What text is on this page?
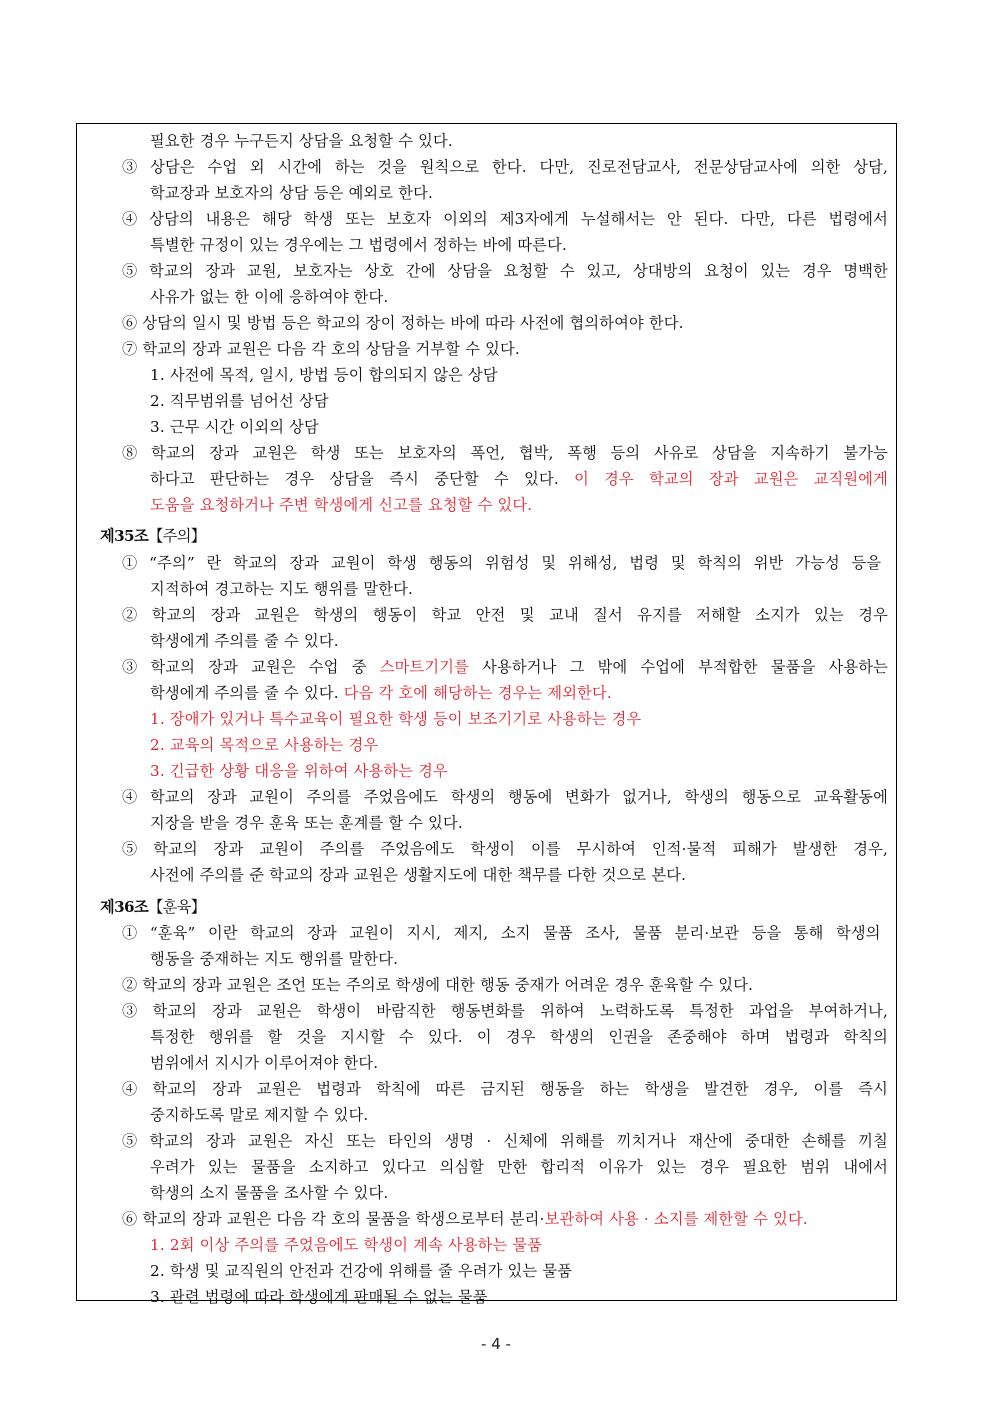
필요한 경우 누구든지 상담을 요청할 수 있다.
③ 상담은 수업 외 시간에 하는 것을 원칙으로 한다. 다만, 진로전담교사, 전문상담교사에 의한 상담,
학교장과 보호자의 상담 등은 예외로 한다.
④ 상담의 내용은 해당 학생 또는 보호자 이외의 제3자에게 누설해서는 안 된다. 다만, 다른 법령에서
특별한 규정이 있는 경우에는 그 법령에서 정하는 바에 따른다.
⑤ 학교의 장과 교원, 보호자는 상호 간에 상담을 요청할 수 있고, 상대방의 요청이 있는 경우 명백한
사유가 없는 한 이에 응하여야 한다.
⑥ 상담의 일시 및 방법 등은 학교의 장이 정하는 바에 따라 사전에 협의하여야 한다.
⑦ 학교의 장과 교원은 다음 각 호의 상담을 거부할 수 있다.
1. 사전에 목적, 일시, 방법 등이 합의되지 않은 상담
2. 직무범위를 넘어선 상담
3. 근무 시간 이외의 상담
⑧ 학교의 장과 교원은 학생 또는 보호자의 폭언, 협박, 폭행 등의 사유로 상담을 지속하기 불가능
하다고 판단하는 경우 상담을 즉시 중단할 수 있다. 이 경우 학교의 장과 교원은 교직원에게
도움을 요청하거나 주변 학생에게 신고를 요청할 수 있다.
제35조【주의】
① “주의” 란 학교의 장과 교원이 학생 행동의 위험성 및 위해성, 법령 및 학칙의 위반 가능성 등을
지적하여 경고하는 지도 행위를 말한다.
② 학교의 장과 교원은 학생의 행동이 학교 안전 및 교내 질서 유지를 저해할 소지가 있는 경우
학생에게 주의를 줄 수 있다.
③ 학교의 장과 교원은 수업 중 스마트기기를 사용하거나 그 밖에 수업에 부적합한 물품을 사용하는
학생에게 주의를 줄 수 있다. 다음 각 호에 해당하는 경우는 제외한다.
1. 장애가 있거나 특수교육이 필요한 학생 등이 보조기기로 사용하는 경우
2. 교육의 목적으로 사용하는 경우
3. 긴급한 상황 대응을 위하여 사용하는 경우
④ 학교의 장과 교원이 주의를 주었음에도 학생의 행동에 변화가 없거나, 학생의 행동으로 교육활동에
지장을 받을 경우 훈육 또는 훈계를 할 수 있다.
⑤ 학교의 장과 교원이 주의를 주었음에도 학생이 이를 무시하여 인적·물적 피해가 발생한 경우,
사전에 주의를 준 학교의 장과 교원은 생활지도에 대한 책무를 다한 것으로 본다.
제36조【훈육】
① “훈육” 이란 학교의 장과 교원이 지시, 제지, 소지 물품 조사, 물품 분리·보관 등을 통해 학생의
행동을 중재하는 지도 행위를 말한다.
② 학교의 장과 교원은 조언 또는 주의로 학생에 대한 행동 중재가 어려운 경우 훈육할 수 있다.
③ 학교의 장과 교원은 학생이 바람직한 행동변화를 위하여 노력하도록 특정한 과업을 부여하거나,
특정한 행위를 할 것을 지시할 수 있다. 이 경우 학생의 인권을 존중해야 하며 법령과 학칙의
범위에서 지시가 이루어져야 한다.
④ 학교의 장과 교원은 법령과 학칙에 따른 금지된 행동을 하는 학생을 발견한 경우, 이를 즉시
중지하도록 말로 제지할 수 있다.
⑤ 학교의 장과 교원은 자신 또는 타인의 생명 · 신체에 위해를 끼치거나 재산에 중대한 손해를 끼칠
우려가 있는 물품을 소지하고 있다고 의심할 만한 합리적 이유가 있는 경우 필요한 범위 내에서
학생의 소지 물품을 조사할 수 있다.
⑥ 학교의 장과 교원은 다음 각 호의 물품을 학생으로부터 분리·보관하여 사용 · 소지를 제한할 수 있다.
1. 2회 이상 주의를 주었음에도 학생이 계속 사용하는 물품
2. 학생 및 교직원의 안전과 건강에 위해를 줄 우려가 있는 물품
3. 관련 법령에 따라 학생에게 판매될 수 없는 물품
- 4 -
